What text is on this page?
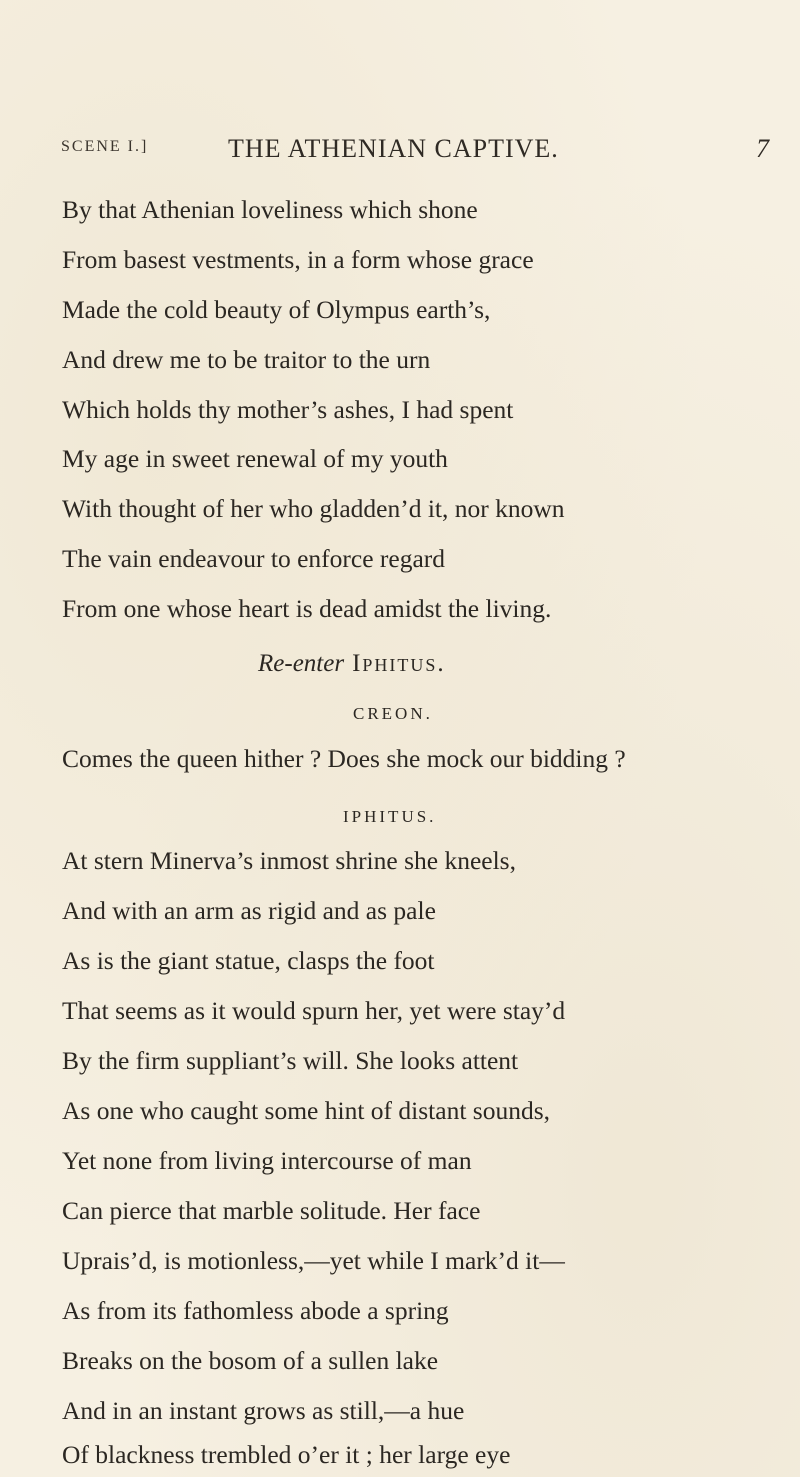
SCENE I.]	THE ATHENIAN CAPTIVE.	7
By that Athenian loveliness which shone
From basest vestments, in a form whose grace
Made the cold beauty of Olympus earth’s,
And drew me to be traitor to the urn
Which holds thy mother’s ashes, I had spent
My age in sweet renewal of my youth
With thought of her who gladden’d it, nor known
The vain endeavour to enforce regard
From one whose heart is dead amidst the living.
Re-enter Iphitus.
CREON.
Comes the queen hither ? Does she mock our bidding ?
IPHITUS.
At stern Minerva’s inmost shrine she kneels,
And with an arm as rigid and as pale
As is the giant statue, clasps the foot
That seems as it would spurn her, yet were stay’d
By the firm suppliant’s will. She looks attent
As one who caught some hint of distant sounds,
Yet none from living intercourse of man
Can pierce that marble solitude. Her face
Uprais’d, is motionless,—yet while I mark’d it—
As from its fathomless abode a spring
Breaks on the bosom of a sullen lake
And in an instant grows as still,—a hue
Of blackness trembled o’er it ; her large eye
